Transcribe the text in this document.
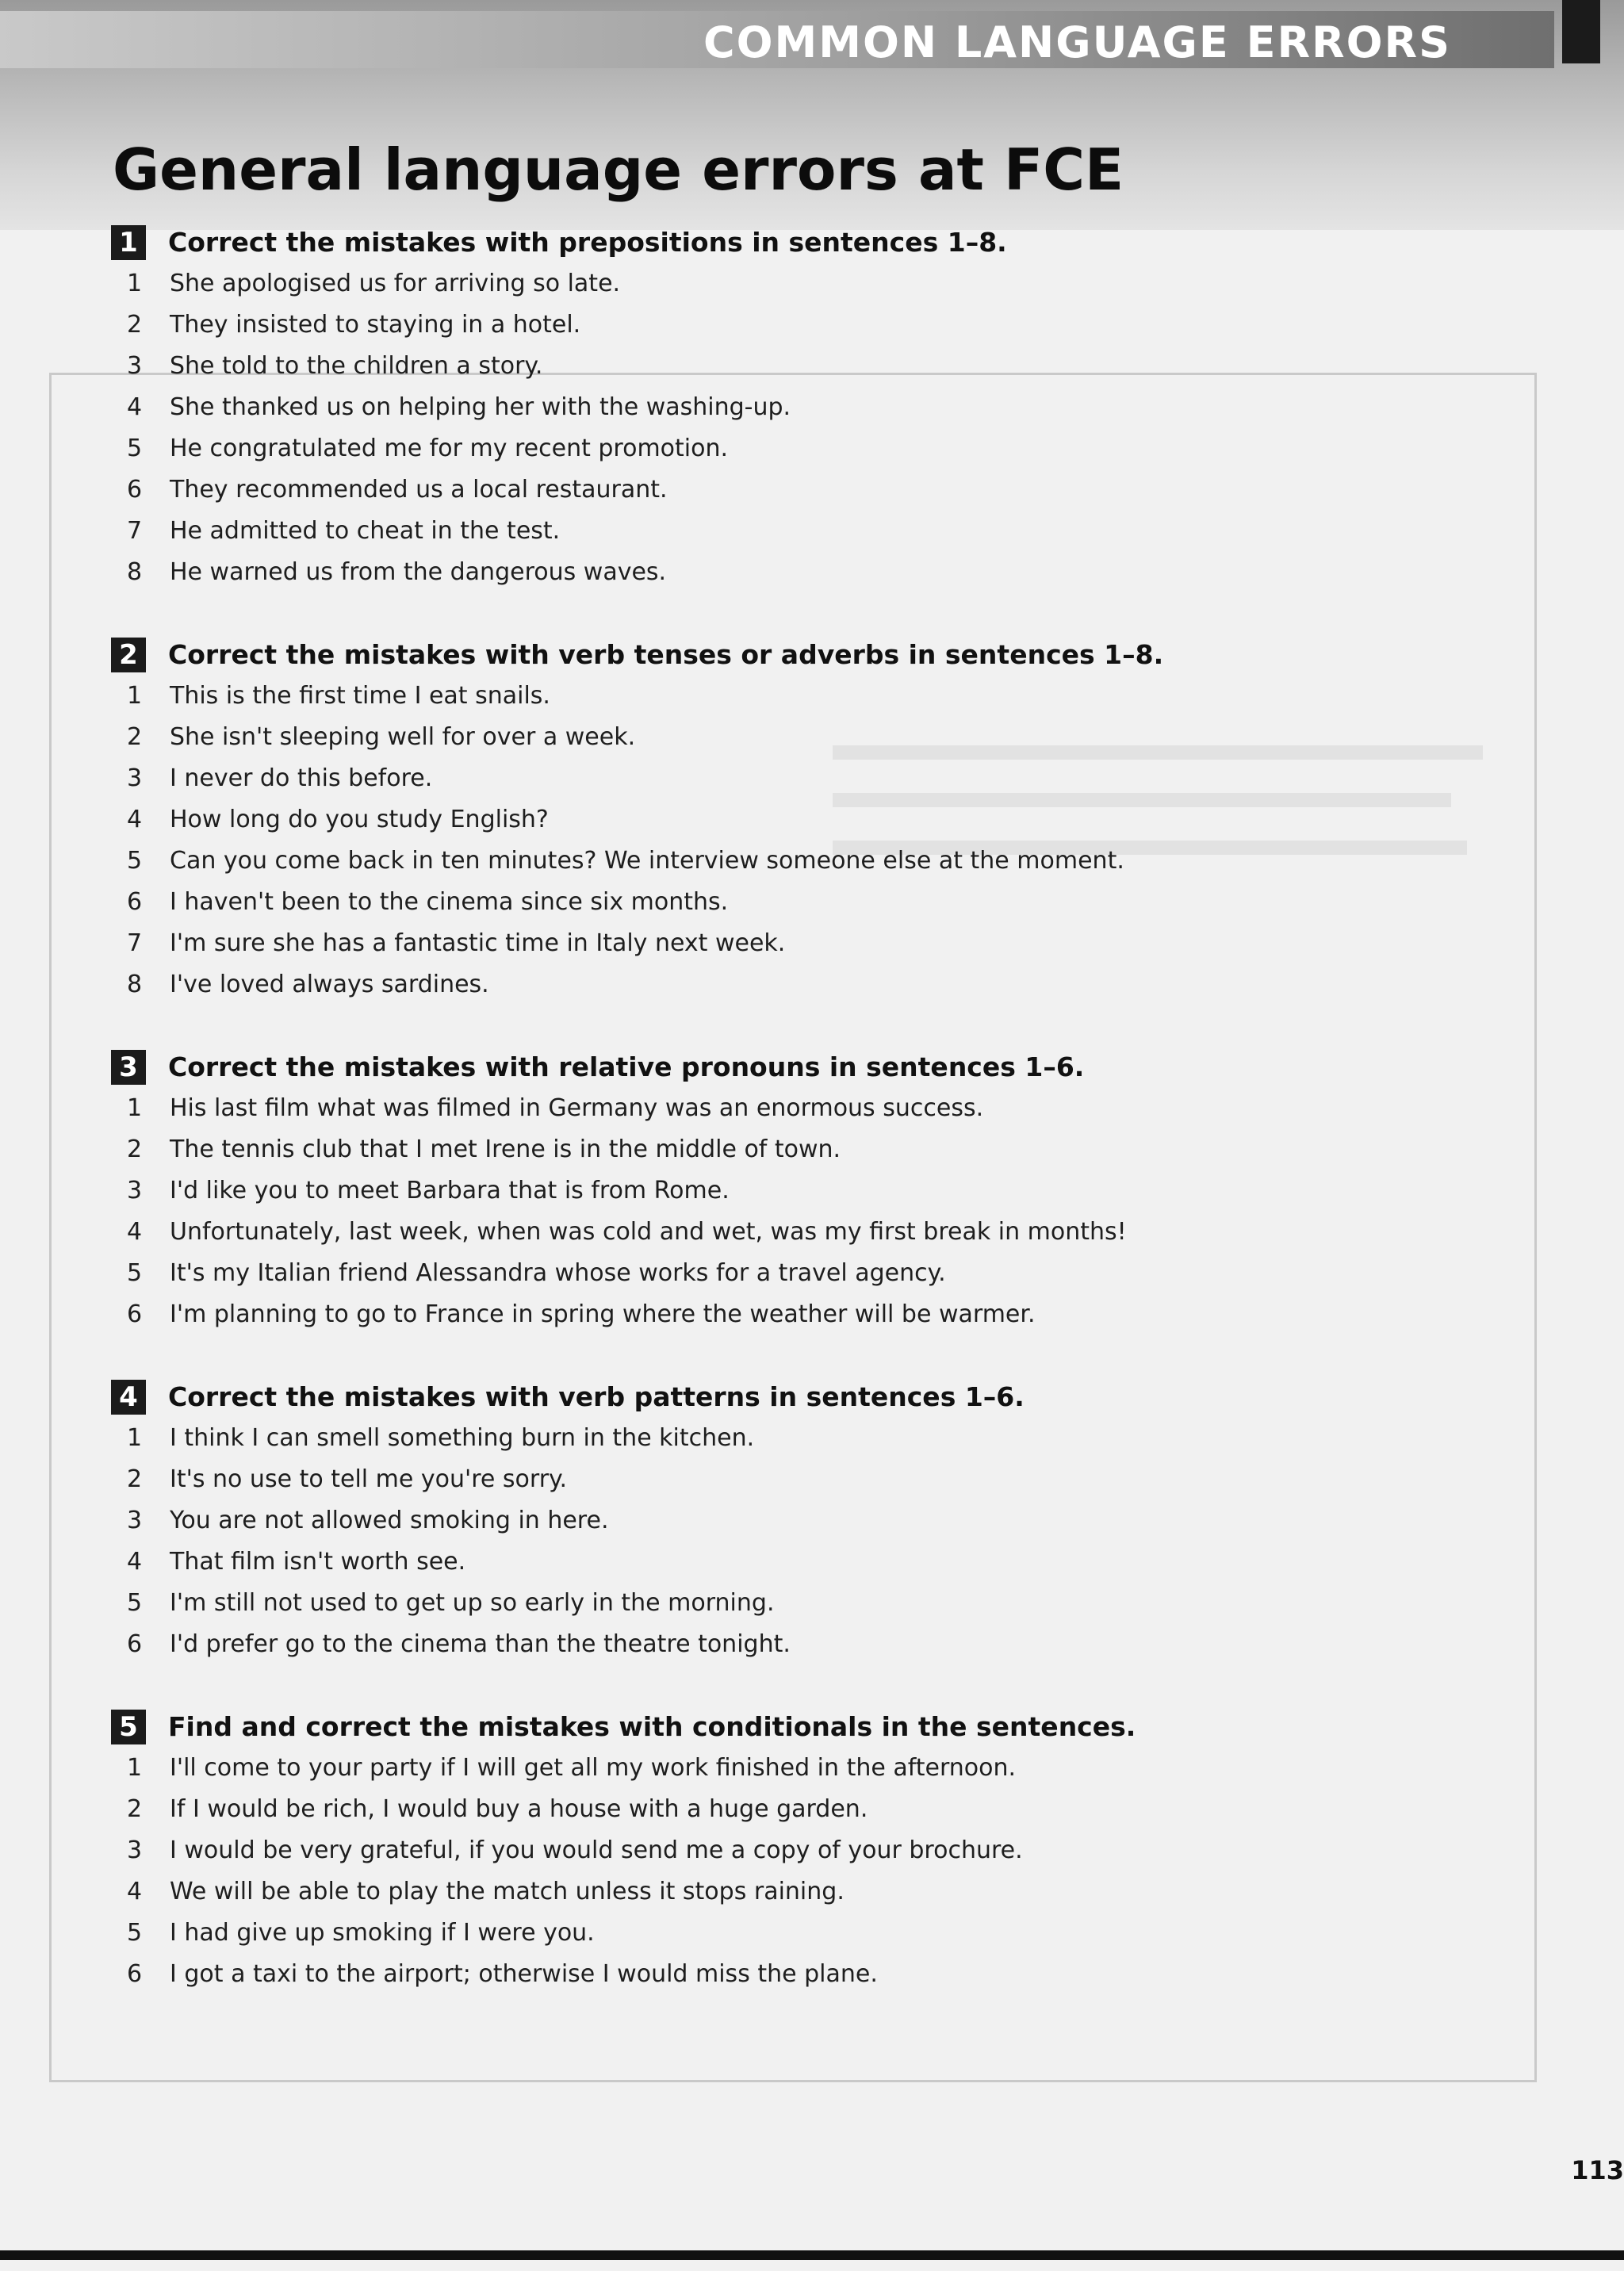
COMMON LANGUAGE ERRORS
General language errors at FCE
1	Correct the mistakes with prepositions in sentences 1–8.
1 She apologised us for arriving so late.
2 They insisted to staying in a hotel.
3 She told to the children a story.
4 She thanked us on helping her with the washing-up.
5 He congratulated me for my recent promotion.
6 They recommended us a local restaurant.
7 He admitted to cheat in the test.
8 He warned us from the dangerous waves.
2	Correct the mistakes with verb tenses or adverbs in sentences 1–8.
1 This is the first time I eat snails.
2 She isn't sleeping well for over a week.
3 I never do this before.
4 How long do you study English?
5 Can you come back in ten minutes? We interview someone else at the moment.
6 I haven't been to the cinema since six months.
7 I'm sure she has a fantastic time in Italy next week.
8 I've loved always sardines.
3	Correct the mistakes with relative pronouns in sentences 1–6.
1 His last film what was filmed in Germany was an enormous success.
2 The tennis club that I met Irene is in the middle of town.
3 I'd like you to meet Barbara that is from Rome.
4 Unfortunately, last week, when was cold and wet, was my first break in months!
5 It's my Italian friend Alessandra whose works for a travel agency.
6 I'm planning to go to France in spring where the weather will be warmer.
4	Correct the mistakes with verb patterns in sentences 1–6.
1 I think I can smell something burn in the kitchen.
2 It's no use to tell me you're sorry.
3 You are not allowed smoking in here.
4 That film isn't worth see.
5 I'm still not used to get up so early in the morning.
6 I'd prefer go to the cinema than the theatre tonight.
5	Find and correct the mistakes with conditionals in the sentences.
1 I'll come to your party if I will get all my work finished in the afternoon.
2 If I would be rich, I would buy a house with a huge garden.
3 I would be very grateful, if you would send me a copy of your brochure.
4 We will be able to play the match unless it stops raining.
5 I had give up smoking if I were you.
6 I got a taxi to the airport; otherwise I would miss the plane.
113
